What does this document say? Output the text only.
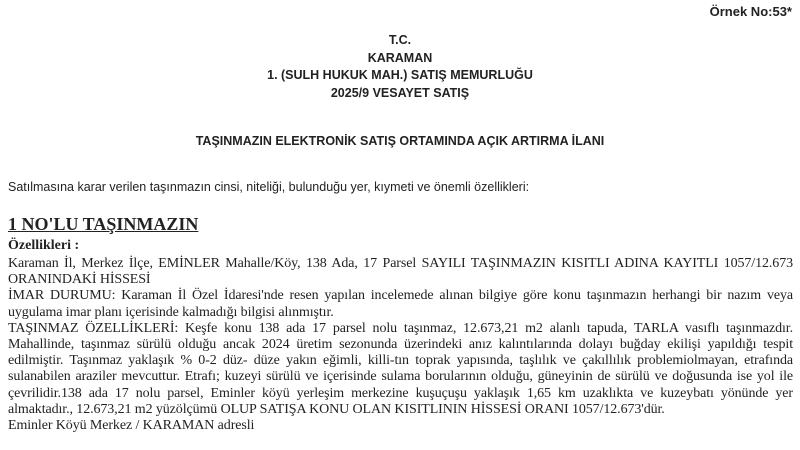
Örnek No:53*
T.C.
KARAMAN
1. (SULH HUKUK MAH.) SATIŞ MEMURLUĞU
2025/9 VESAYET SATIŞ
TAŞINMAZIN ELEKTRONİK SATIŞ ORTAMINDA AÇIK ARTIRMA İLANI
Satılmasına karar verilen taşınmazın cinsi, niteliği, bulunduğu yer, kıymeti ve önemli özellikleri:
1 NO'LU TAŞINMAZIN
Özellikleri :

Karaman İl, Merkez İlçe, EMİNLER Mahalle/Köy, 138 Ada, 17 Parsel SAYILI TAŞINMAZIN KISITLI ADINA KAYITLI 1057/12.673 ORANINDAKİ HİSSESİ

İMAR DURUMU: Karaman İl Özel İdaresi'nde resen yapılan incelemede alınan bilgiye göre konu taşınmazın herhangi bir nazım veya uygulama imar planı içerisinde kalmadığı bilgisi alınmıştır.

TAŞINMAZ ÖZELLİKLERİ: Keşfe konu 138 ada 17 parsel nolu taşınmaz, 12.673,21 m2 alanlı tapuda, TARLA vasıflı taşınmazdır. Mahallinde, taşınmaz sürülü olduğu ancak 2024 üretim sezonunda üzerindeki anız kalıntılarında dolayı buğday ekilişi yapıldığı tespit edilmiştir. Taşınmaz yaklaşık % 0-2 düz- düze yakın eğimli, killi-tın toprak yapısında, taşlılık ve çakıllılık problemiolmayan, etrafında sulanabilen araziler mevcuttur. Etrafı; kuzeyi sürülü ve içerisinde sulama borularının olduğu, güneyinin de sürülü ve doğusunda ise yol ile çevrilidir.138 ada 17 nolu parsel, Eminler köyü yerleşim merkezine kuşuçuşu yaklaşık 1,65 km uzaklıkta ve kuzeybatı yönünde yer almaktadır., 12.673,21 m2 yüzölçümü OLUP SATIŞA KONU OLAN KISITLININ HİSSESİ ORANI 1057/12.673'dür.

Eminler Köyü Merkez / KARAMAN adresli
